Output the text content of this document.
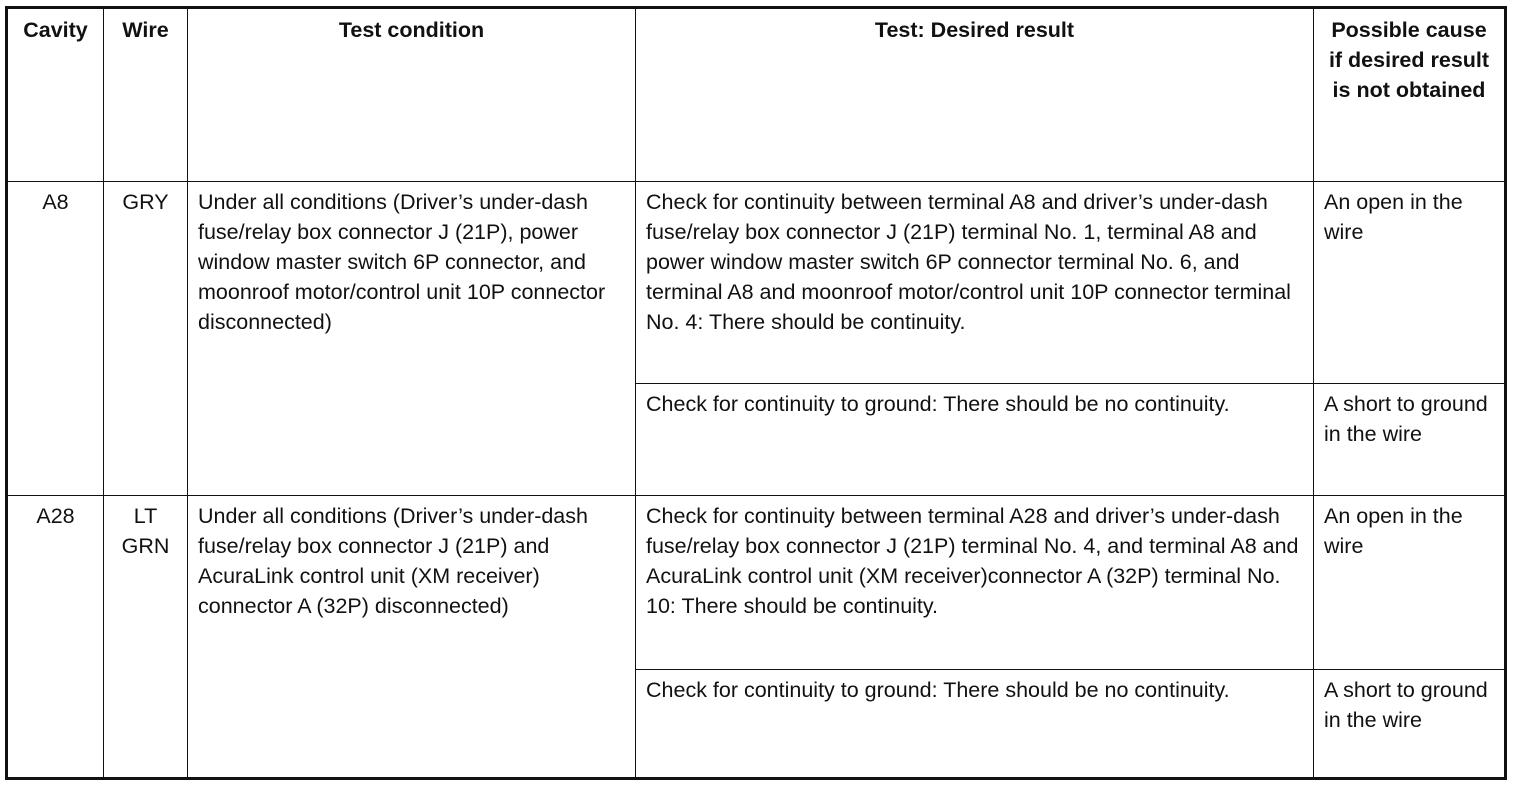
Cavity	Wire	Test condition	Test: Desired result	Possible cause if desired result is not obtained
A8	GRY	Under all conditions (Driver’s under-dash fuse/relay box connector J (21P), power window master switch 6P connector, and moonroof motor/control unit 10P connector disconnected)	Check for continuity between terminal A8 and driver’s under-dash fuse/relay box connector J (21P) terminal No. 1, terminal A8 and power window master switch 6P connector terminal No. 6, and terminal A8 and moonroof motor/control unit 10P connector terminal No. 4: There should be continuity.	An open in the wire
			Check for continuity to ground: There should be no continuity.	A short to ground in the wire
A28	LT GRN	Under all conditions (Driver’s under-dash fuse/relay box connector J (21P) and AcuraLink control unit (XM receiver) connector A (32P) disconnected)	Check for continuity between terminal A28 and driver’s under-dash fuse/relay box connector J (21P) terminal No. 4, and terminal A8 and AcuraLink control unit (XM receiver)connector A (32P) terminal No. 10: There should be continuity.	An open in the wire
			Check for continuity to ground: There should be no continuity.	A short to ground in the wire
